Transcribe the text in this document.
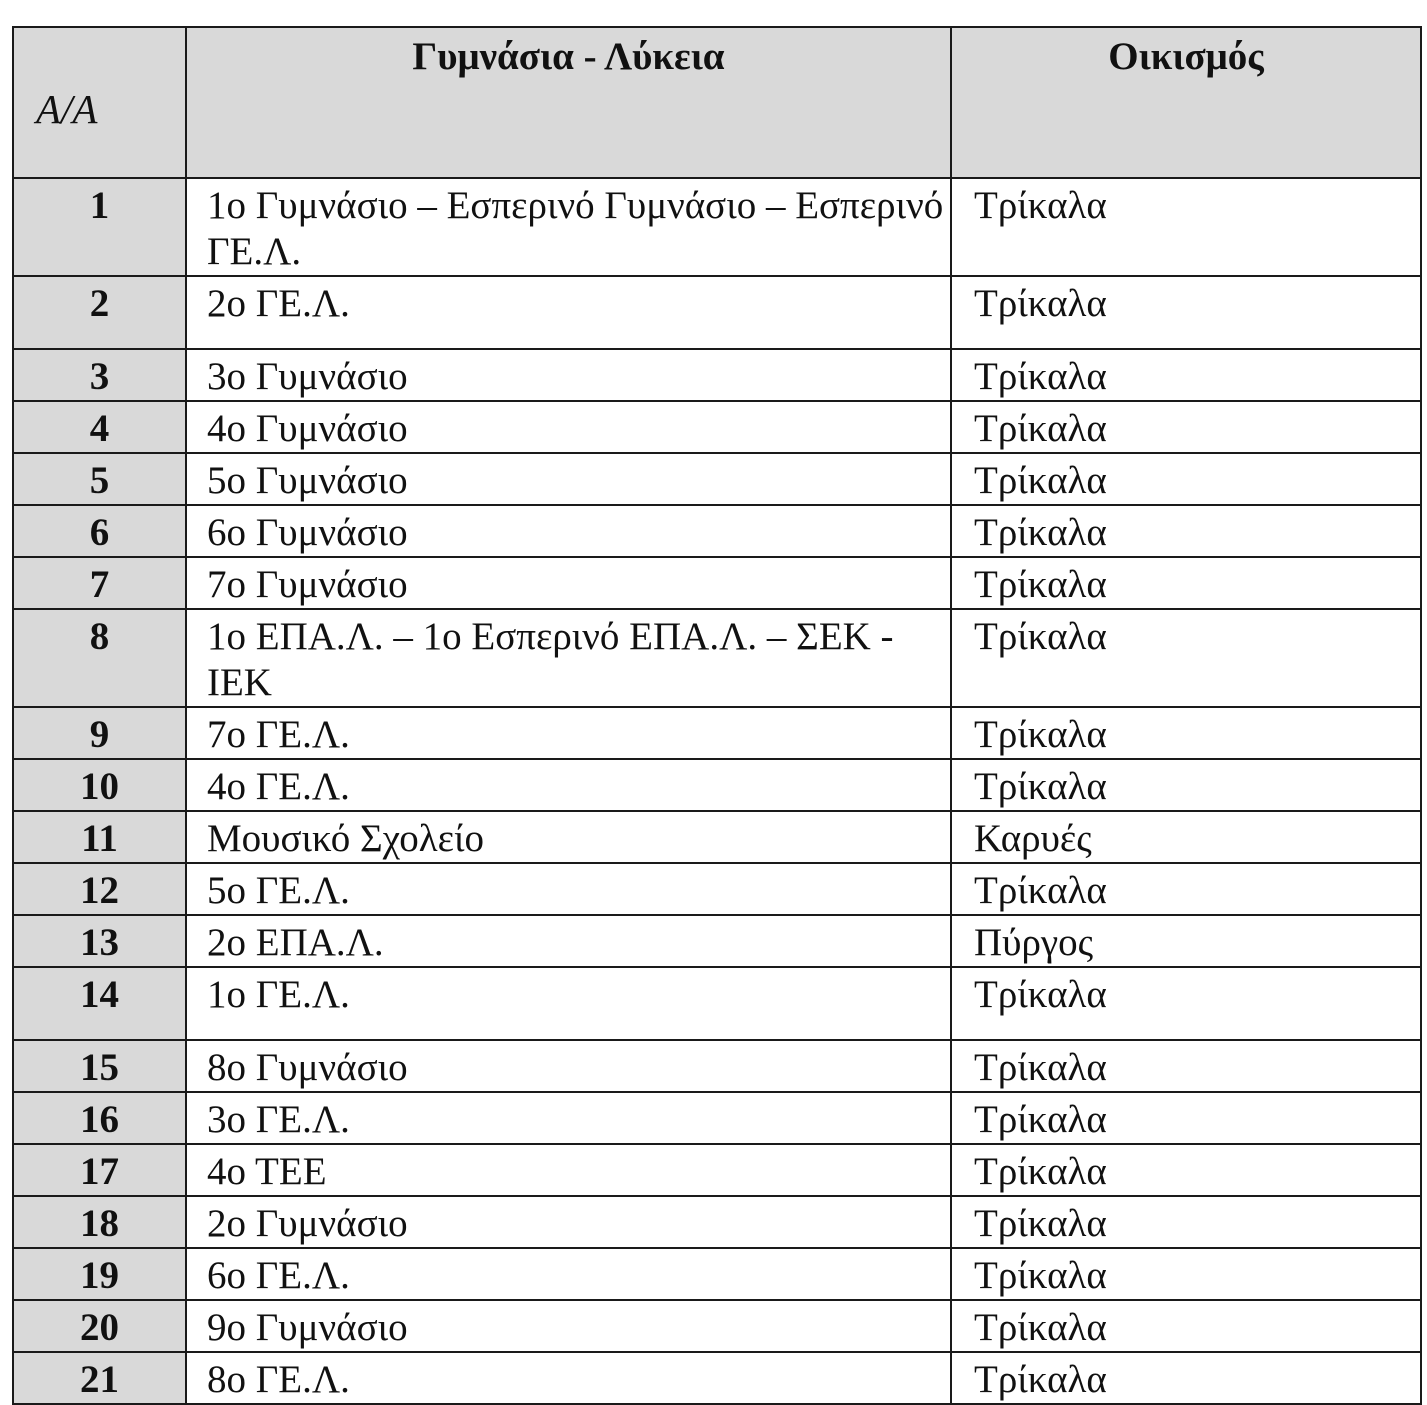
Α/Α	Γυμνάσια - Λύκεια	Οικισμός

1	1ο Γυμνάσιο – Εσπερινό Γυμνάσιο – Εσπερινό ΓΕ.Λ.	Τρίκαλα
2	2ο ΓΕ.Λ.	Τρίκαλα
3	3ο Γυμνάσιο	Τρίκαλα
4	4ο Γυμνάσιο	Τρίκαλα
5	5ο Γυμνάσιο	Τρίκαλα
6	6ο Γυμνάσιο	Τρίκαλα
7	7ο Γυμνάσιο	Τρίκαλα
8	1ο ΕΠΑ.Λ. – 1ο Εσπερινό ΕΠΑ.Λ. – ΣΕΚ - ΙΕΚ	Τρίκαλα
9	7ο ΓΕ.Λ.	Τρίκαλα
10	4ο ΓΕ.Λ.	Τρίκαλα
11	Μουσικό Σχολείο	Καρυές
12	5ο ΓΕ.Λ.	Τρίκαλα
13	2ο ΕΠΑ.Λ.	Πύργος
14	1ο ΓΕ.Λ.	Τρίκαλα
15	8ο Γυμνάσιο	Τρίκαλα
16	3ο ΓΕ.Λ.	Τρίκαλα
17	4ο ΤΕΕ	Τρίκαλα
18	2ο Γυμνάσιο	Τρίκαλα
19	6ο ΓΕ.Λ.	Τρίκαλα
20	9ο Γυμνάσιο	Τρίκαλα
21	8ο ΓΕ.Λ.	Τρίκαλα
